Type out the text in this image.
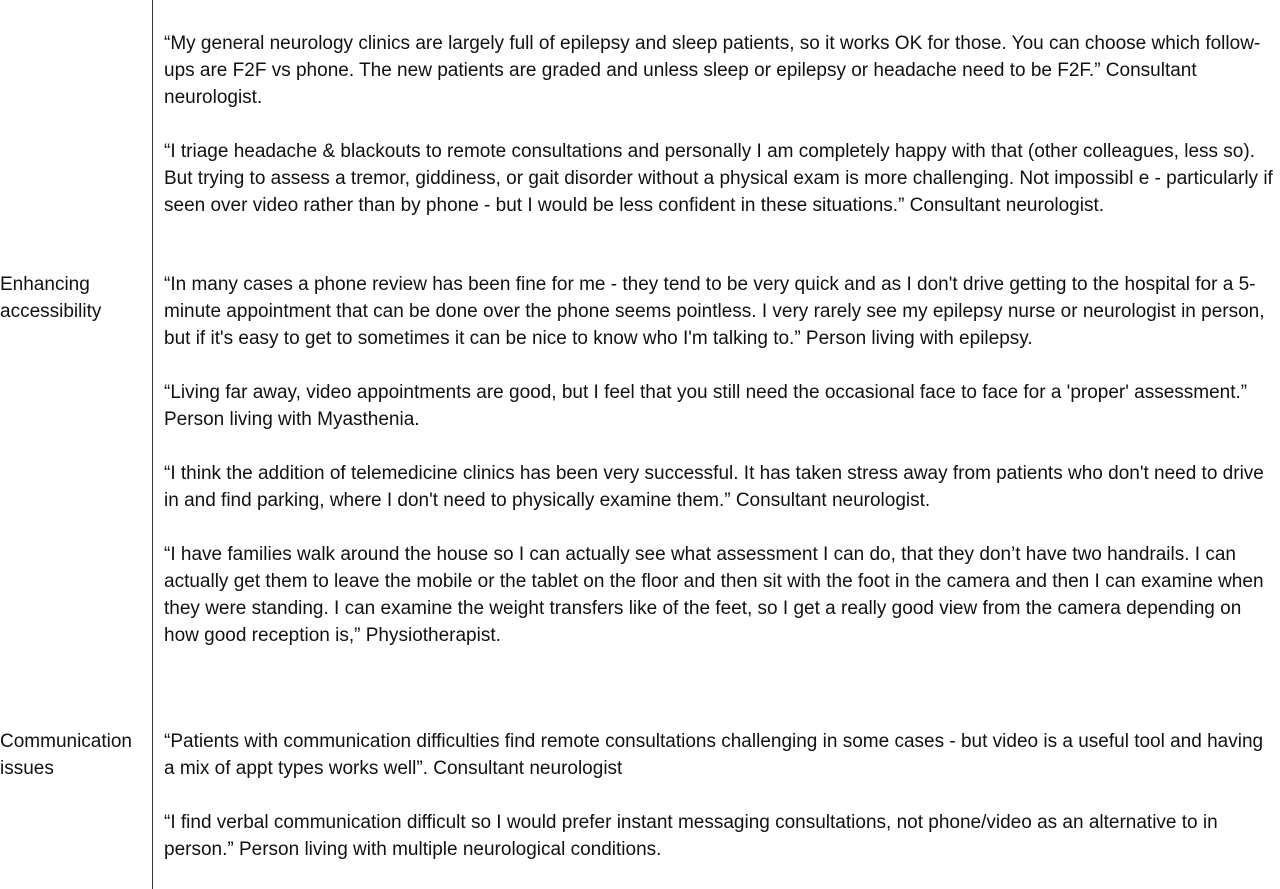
“My general neurology clinics are largely full of epilepsy and sleep patients, so it works OK for those. You can choose which follow-ups are F2F vs phone. The new patients are graded and unless sleep or epilepsy or headache need to be F2F.” Consultant neurologist.

“I triage headache & blackouts to remote consultations and personally I am completely happy with that (other colleagues, less so). But trying to assess a tremor, giddiness, or gait disorder without a physical exam is more challenging. Not impossibl e - particularly if seen over video rather than by phone - but I would be less confident in these situations.” Consultant neurologist.

Enhancing accessibility

“In many cases a phone review has been fine for me - they tend to be very quick and as I don't drive getting to the hospital for a 5-minute appointment that can be done over the phone seems pointless. I very rarely see my epilepsy nurse or neurologist in person, but if it's easy to get to sometimes it can be nice to know who I'm talking to.” Person living with epilepsy.

“Living far away, video appointments are good, but I feel that you still need the occasional face to face for a 'proper' assessment.” Person living with Myasthenia.

“I think the addition of telemedicine clinics has been very successful. It has taken stress away from patients who don't need to drive in and find parking, where I don't need to physically examine them.” Consultant neurologist.

“I have families walk around the house so I can actually see what assessment I can do, that they don’t have two handrails. I can actually get them to leave the mobile or the tablet on the floor and then sit with the foot in the camera and then I can examine when they were standing. I can examine the weight transfers like of the feet, so I get a really good view from the camera depending on how good reception is,” Physiotherapist.

Communication issues

“Patients with communication difficulties find remote consultations challenging in some cases - but video is a useful tool and having a mix of appt types works well”. Consultant neurologist

“I find verbal communication difficult so I would prefer instant messaging consultations, not phone/video as an alternative to in person.” Person living with multiple neurological conditions.
